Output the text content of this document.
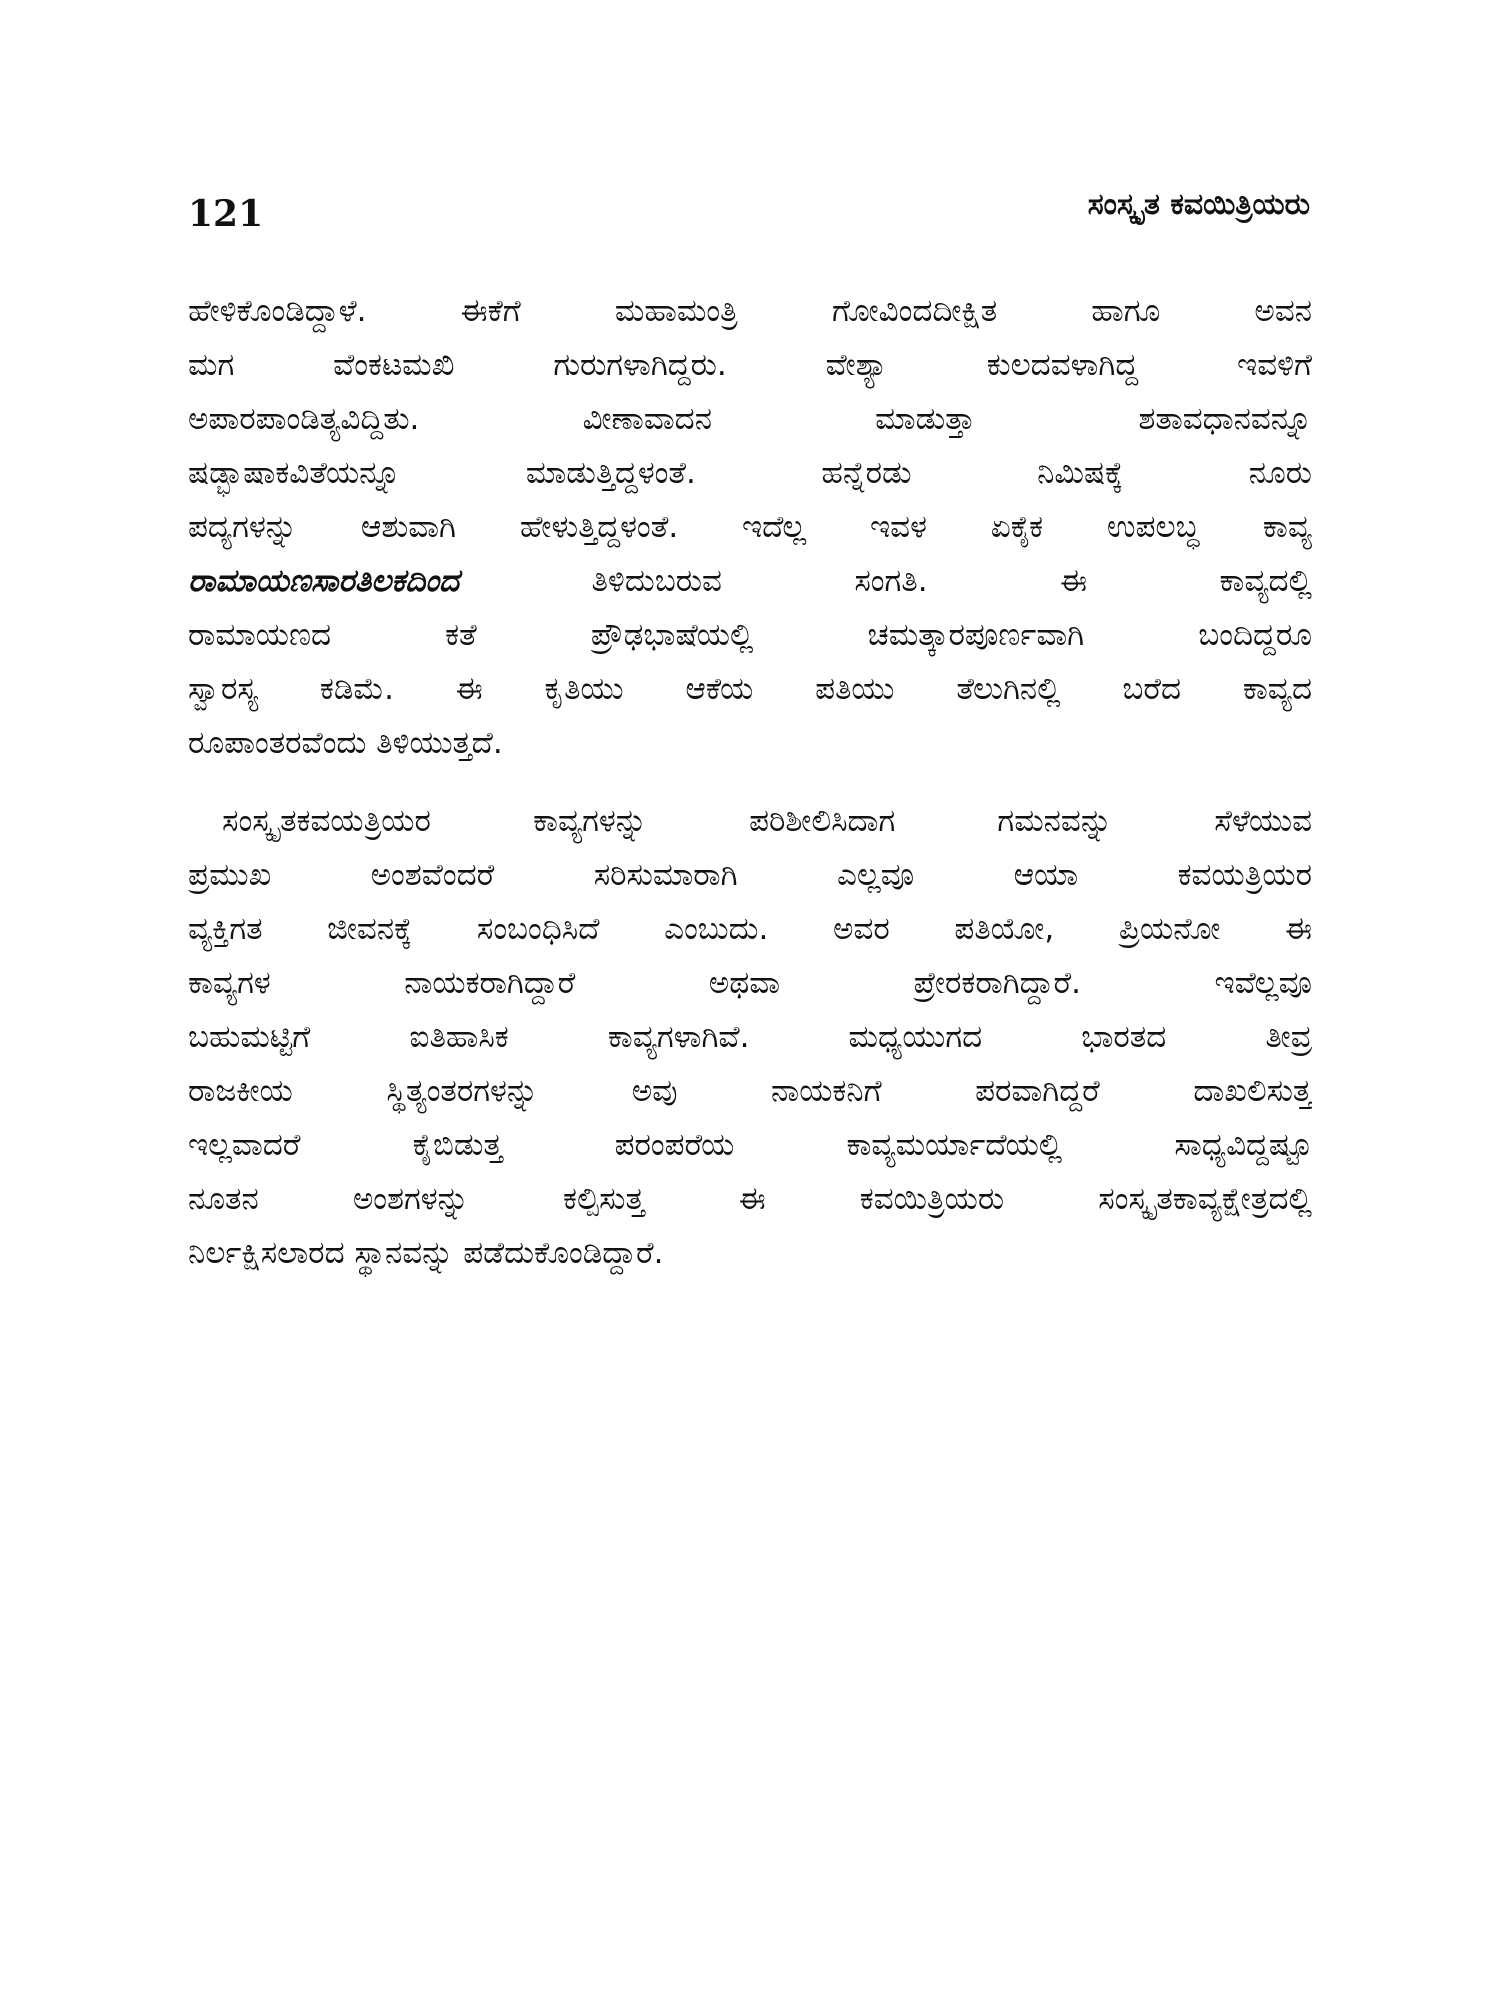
121	ಸಂಸ್ಕೃತ ಕವಯಿತ್ರಿಯರು

ಹೇಳಿಕೊಂಡಿದ್ದಾಳೆ. ಈಕೆಗೆ ಮಹಾಮಂತ್ರಿ ಗೋವಿಂದದೀಕ್ಷಿತ ಹಾಗೂ ಅವನ
ಮಗ ವೆಂಕಟಮಖಿ ಗುರುಗಳಾಗಿದ್ದರು. ವೇಶ್ಯಾ ಕುಲದವಳಾಗಿದ್ದ ಇವಳಿಗೆ
ಅಪಾರಪಾಂಡಿತ್ಯವಿದ್ದಿತು. ವೀಣಾವಾದನ ಮಾಡುತ್ತಾ ಶತಾವಧಾನವನ್ನೂ
ಷಡ್ಭಾಷಾಕವಿತೆಯನ್ನೂ ಮಾಡುತ್ತಿದ್ದಳಂತೆ. ಹನ್ನೆರಡು ನಿಮಿಷಕ್ಕೆ ನೂರು
ಪದ್ಯಗಳನ್ನು ಆಶುವಾಗಿ ಹೇಳುತ್ತಿದ್ದಳಂತೆ. ಇದೆಲ್ಲ ಇವಳ ಏಕೈಕ ಉಪಲಬ್ಧ ಕಾವ್ಯ
ರಾಮಾಯಣಸಾರತಿಲಕದಿಂದ ತಿಳಿದುಬರುವ ಸಂಗತಿ. ಈ ಕಾವ್ಯದಲ್ಲಿ
ರಾಮಾಯಣದ ಕತೆ ಪ್ರೌಢಭಾಷೆಯಲ್ಲಿ ಚಮತ್ಕಾರಪೂರ್ಣವಾಗಿ ಬಂದಿದ್ದರೂ
ಸ್ವಾರಸ್ಯ ಕಡಿಮೆ. ಈ ಕೃತಿಯು ಆಕೆಯ ಪತಿಯು ತೆಲುಗಿನಲ್ಲಿ ಬರೆದ ಕಾವ್ಯದ
ರೂಪಾಂತರವೆಂದು ತಿಳಿಯುತ್ತದೆ.

ಸಂಸ್ಕೃತಕವಯತ್ರಿಯರ ಕಾವ್ಯಗಳನ್ನು ಪರಿಶೀಲಿಸಿದಾಗ ಗಮನವನ್ನು ಸೆಳೆಯುವ
ಪ್ರಮುಖ ಅಂಶವೆಂದರೆ ಸರಿಸುಮಾರಾಗಿ ಎಲ್ಲವೂ ಆಯಾ ಕವಯತ್ರಿಯರ
ವ್ಯಕ್ತಿಗತ ಜೀವನಕ್ಕೆ ಸಂಬಂಧಿಸಿದೆ ಎಂಬುದು. ಅವರ ಪತಿಯೋ, ಪ್ರಿಯನೋ ಈ
ಕಾವ್ಯಗಳ ನಾಯಕರಾಗಿದ್ದಾರೆ ಅಥವಾ ಪ್ರೇರಕರಾಗಿದ್ದಾರೆ. ಇವೆಲ್ಲವೂ
ಬಹುಮಟ್ಟಿಗೆ ಐತಿಹಾಸಿಕ ಕಾವ್ಯಗಳಾಗಿವೆ. ಮಧ್ಯಯುಗದ ಭಾರತದ ತೀವ್ರ
ರಾಜಕೀಯ ಸ್ಥಿತ್ಯಂತರಗಳನ್ನು ಅವು ನಾಯಕನಿಗೆ ಪರವಾಗಿದ್ದರೆ ದಾಖಲಿಸುತ್ತ
ಇಲ್ಲವಾದರೆ ಕೈಬಿಡುತ್ತ ಪರಂಪರೆಯ ಕಾವ್ಯಮರ್ಯಾದೆಯಲ್ಲಿ ಸಾಧ್ಯವಿದ್ದಷ್ಟೂ
ನೂತನ ಅಂಶಗಳನ್ನು ಕಲ್ಪಿಸುತ್ತ ಈ ಕವಯಿತ್ರಿಯರು ಸಂಸ್ಕೃತಕಾವ್ಯಕ್ಷೇತ್ರದಲ್ಲಿ
ನಿರ್ಲಕ್ಷಿಸಲಾರದ ಸ್ಥಾನವನ್ನು ಪಡೆದುಕೊಂಡಿದ್ದಾರೆ.
